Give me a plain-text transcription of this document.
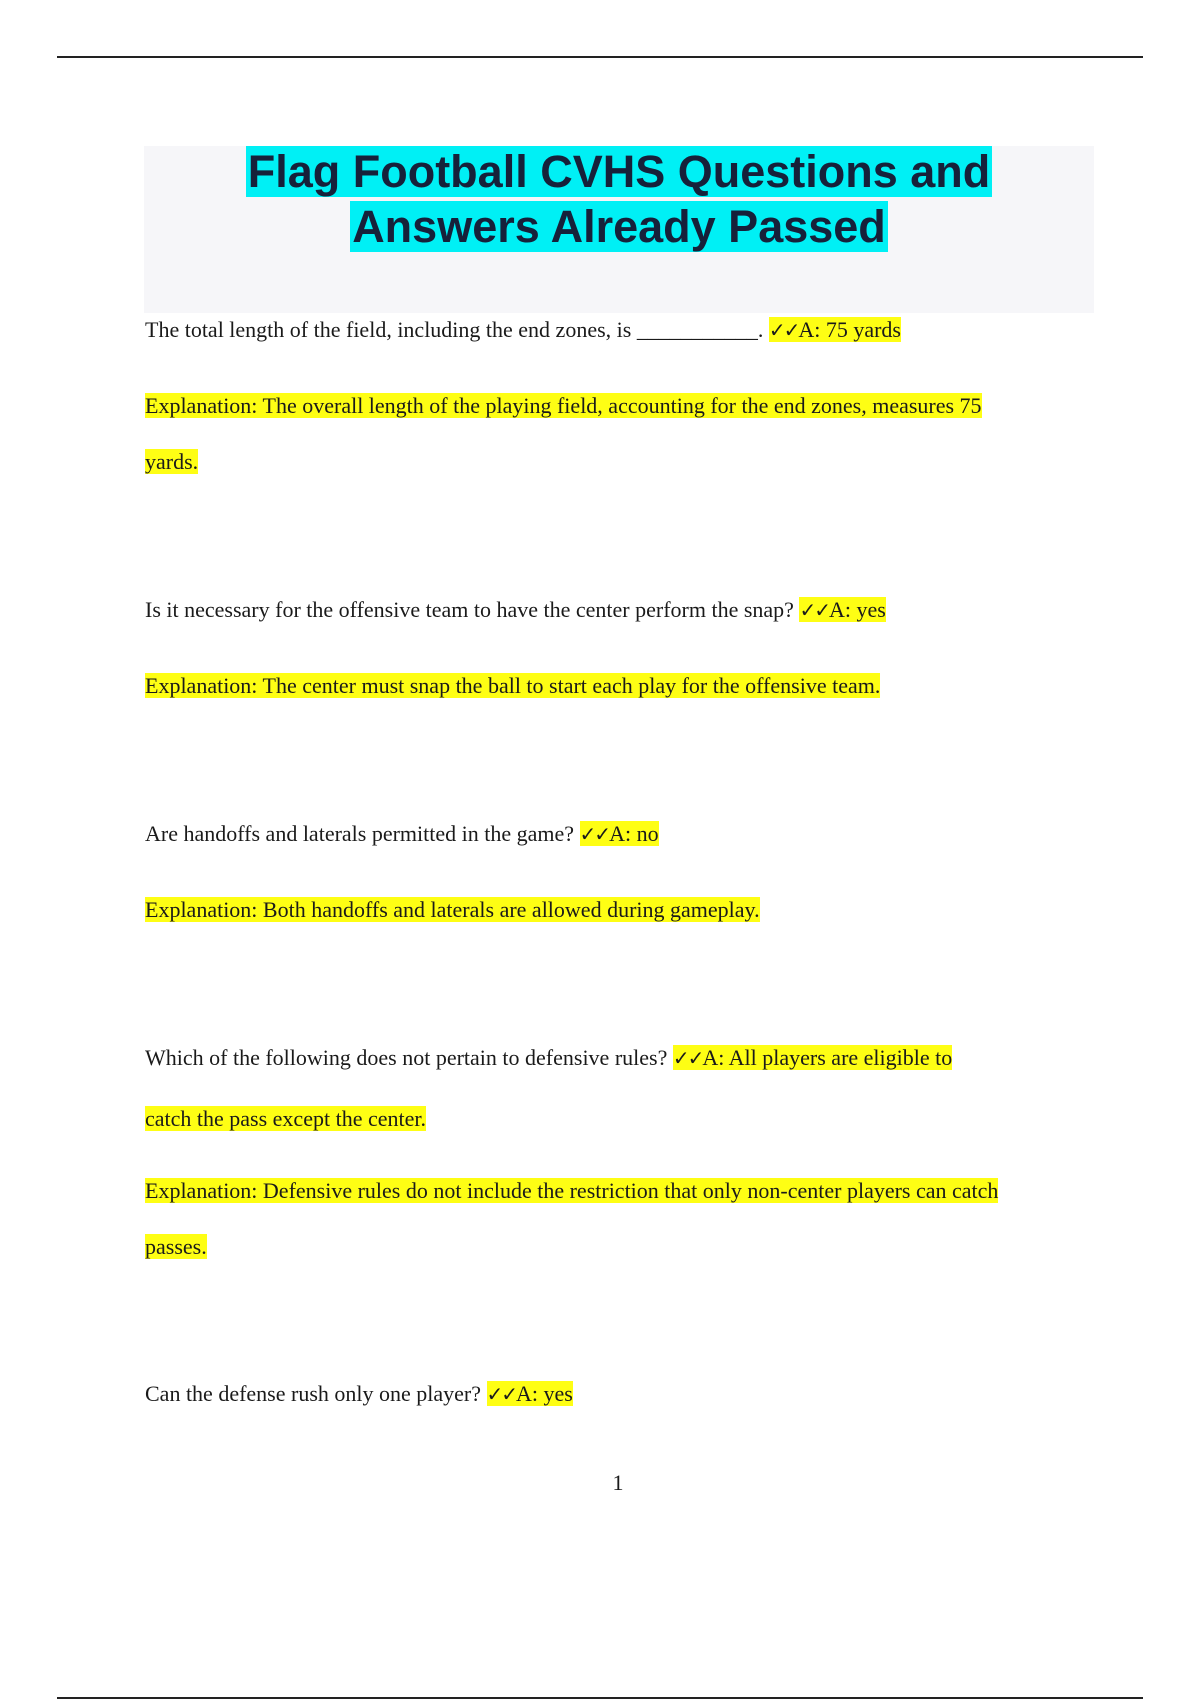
Flag Football CVHS Questions and
Answers Already Passed
The total length of the field, including the end zones, is ___________. ✓✓A: 75 yards
Explanation: The overall length of the playing field, accounting for the end zones, measures 75
yards.
Is it necessary for the offensive team to have the center perform the snap? ✓✓A: yes
Explanation: The center must snap the ball to start each play for the offensive team.
Are handoffs and laterals permitted in the game? ✓✓A: no
Explanation: Both handoffs and laterals are allowed during gameplay.
Which of the following does not pertain to defensive rules? ✓✓A: All players are eligible to
catch the pass except the center.
Explanation: Defensive rules do not include the restriction that only non-center players can catch
passes.
Can the defense rush only one player? ✓✓A: yes
1
